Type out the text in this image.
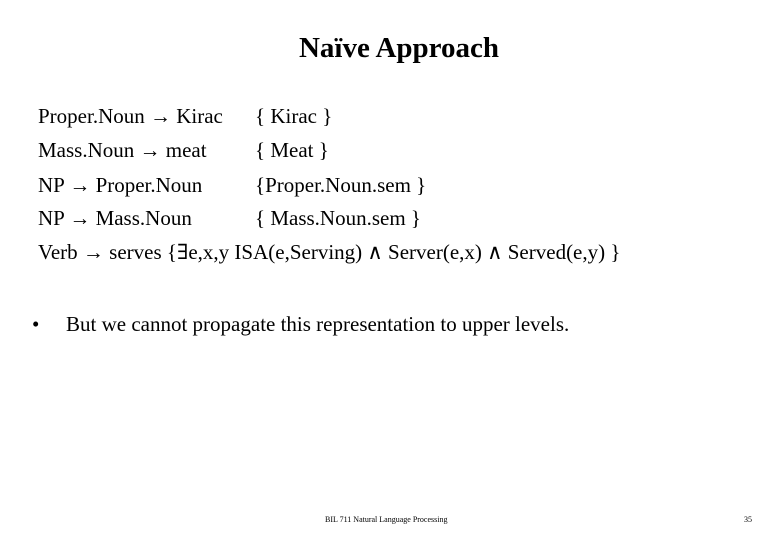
Naïve Approach
Proper.Noun → Kirac { Kirac }
Mass.Noun → meat { Meat }
NP → Proper.Noun	{Proper.Noun.sem }
NP → Mass.Noun	{ Mass.Noun.sem }
Verb → serves {∃e,x,y ISA(e,Serving) ∧ Server(e,x) ∧ Served(e,y) }
• But we cannot propagate this representation to upper levels.
BIL 711 Natural Language Processing	35
